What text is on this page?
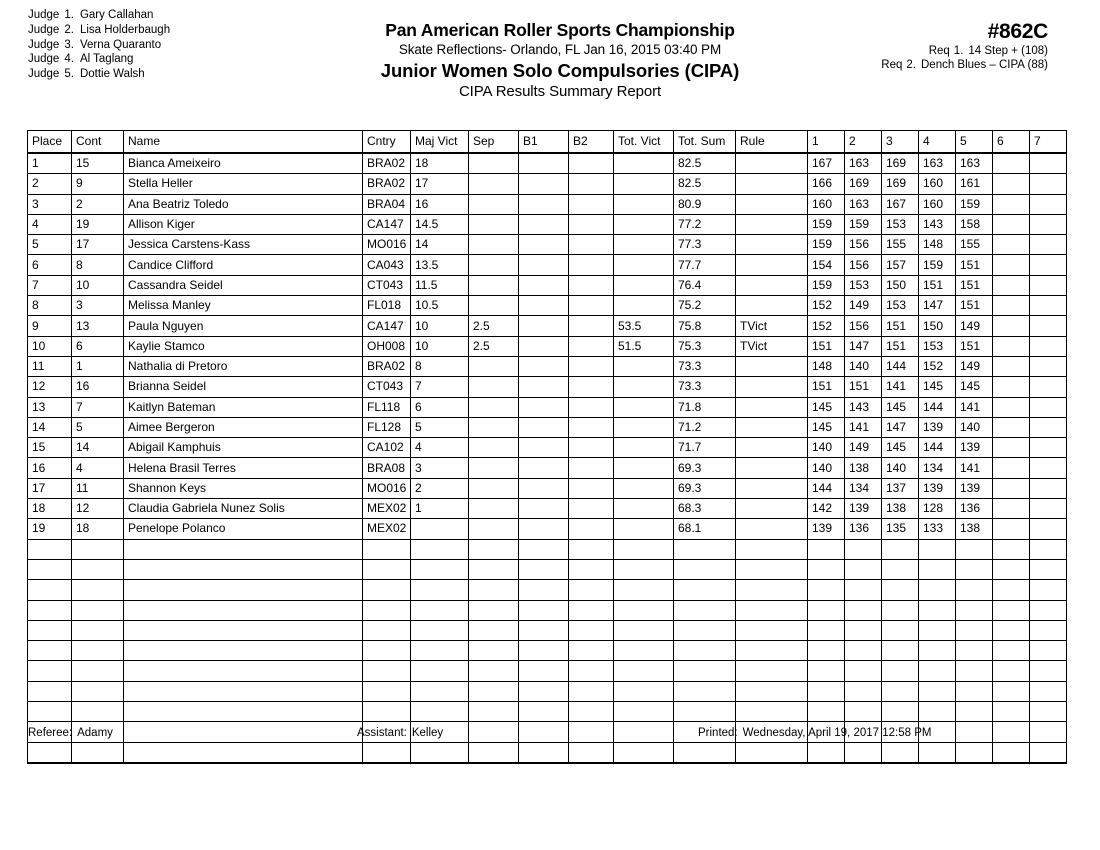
Judge 1. Gary Callahan
Judge 2. Lisa Holderbaugh
Judge 3. Verna Quaranto
Judge 4. Al Taglang
Judge 5. Dottie Walsh
Pan American Roller Sports Championship
Skate Reflections- Orlando, FL Jan 16, 2015 03:40 PM
Junior Women Solo Compulsories (CIPA)
CIPA Results Summary Report
#862C
Req 1. 14 Step + (108)
Req 2. Dench Blues – CIPA (88)
Place	Cont	Name	Cntry	Maj Vict	Sep	B1	B2	Tot. Vict	Tot. Sum	Rule	1	2	3	4	5	6	7
1	15	Bianca Ameixeiro	BRA02	18					82.5		167	163	169	163	163		
2	9	Stella Heller	BRA02	17					82.5		166	169	169	160	161		
3	2	Ana Beatriz Toledo	BRA04	16					80.9		160	163	167	160	159		
4	19	Allison Kiger	CA147	14.5					77.2		159	159	153	143	158		
5	17	Jessica Carstens-Kass	MO016	14					77.3		159	156	155	148	155		
6	8	Candice Clifford	CA043	13.5					77.7		154	156	157	159	151		
7	10	Cassandra Seidel	CT043	11.5					76.4		159	153	150	151	151		
8	3	Melissa Manley	FL018	10.5					75.2		152	149	153	147	151		
9	13	Paula Nguyen	CA147	10	2.5			53.5	75.8	TVict	152	156	151	150	149		
10	6	Kaylie Stamco	OH008	10	2.5			51.5	75.3	TVict	151	147	151	153	151		
11	1	Nathalia di Pretoro	BRA02	8					73.3		148	140	144	152	149		
12	16	Brianna Seidel	CT043	7					73.3		151	151	141	145	145		
13	7	Kaitlyn Bateman	FL118	6					71.8		145	143	145	144	141		
14	5	Aimee Bergeron	FL128	5					71.2		145	141	147	139	140		
15	14	Abigail Kamphuis	CA102	4					71.7		140	149	145	144	139		
16	4	Helena Brasil Terres	BRA08	3					69.3		140	138	140	134	141		
17	11	Shannon Keys	MO016	2					69.3		144	134	137	139	139		
18	12	Claudia Gabriela Nunez Solis	MEX02	1					68.3		142	139	138	128	136		
19	18	Penelope Polanco	MEX02						68.1		139	136	135	133	138		

Referee: Adamy	Assistant: Kelley	Printed: Wednesday, April 19, 2017 12:58 PM
